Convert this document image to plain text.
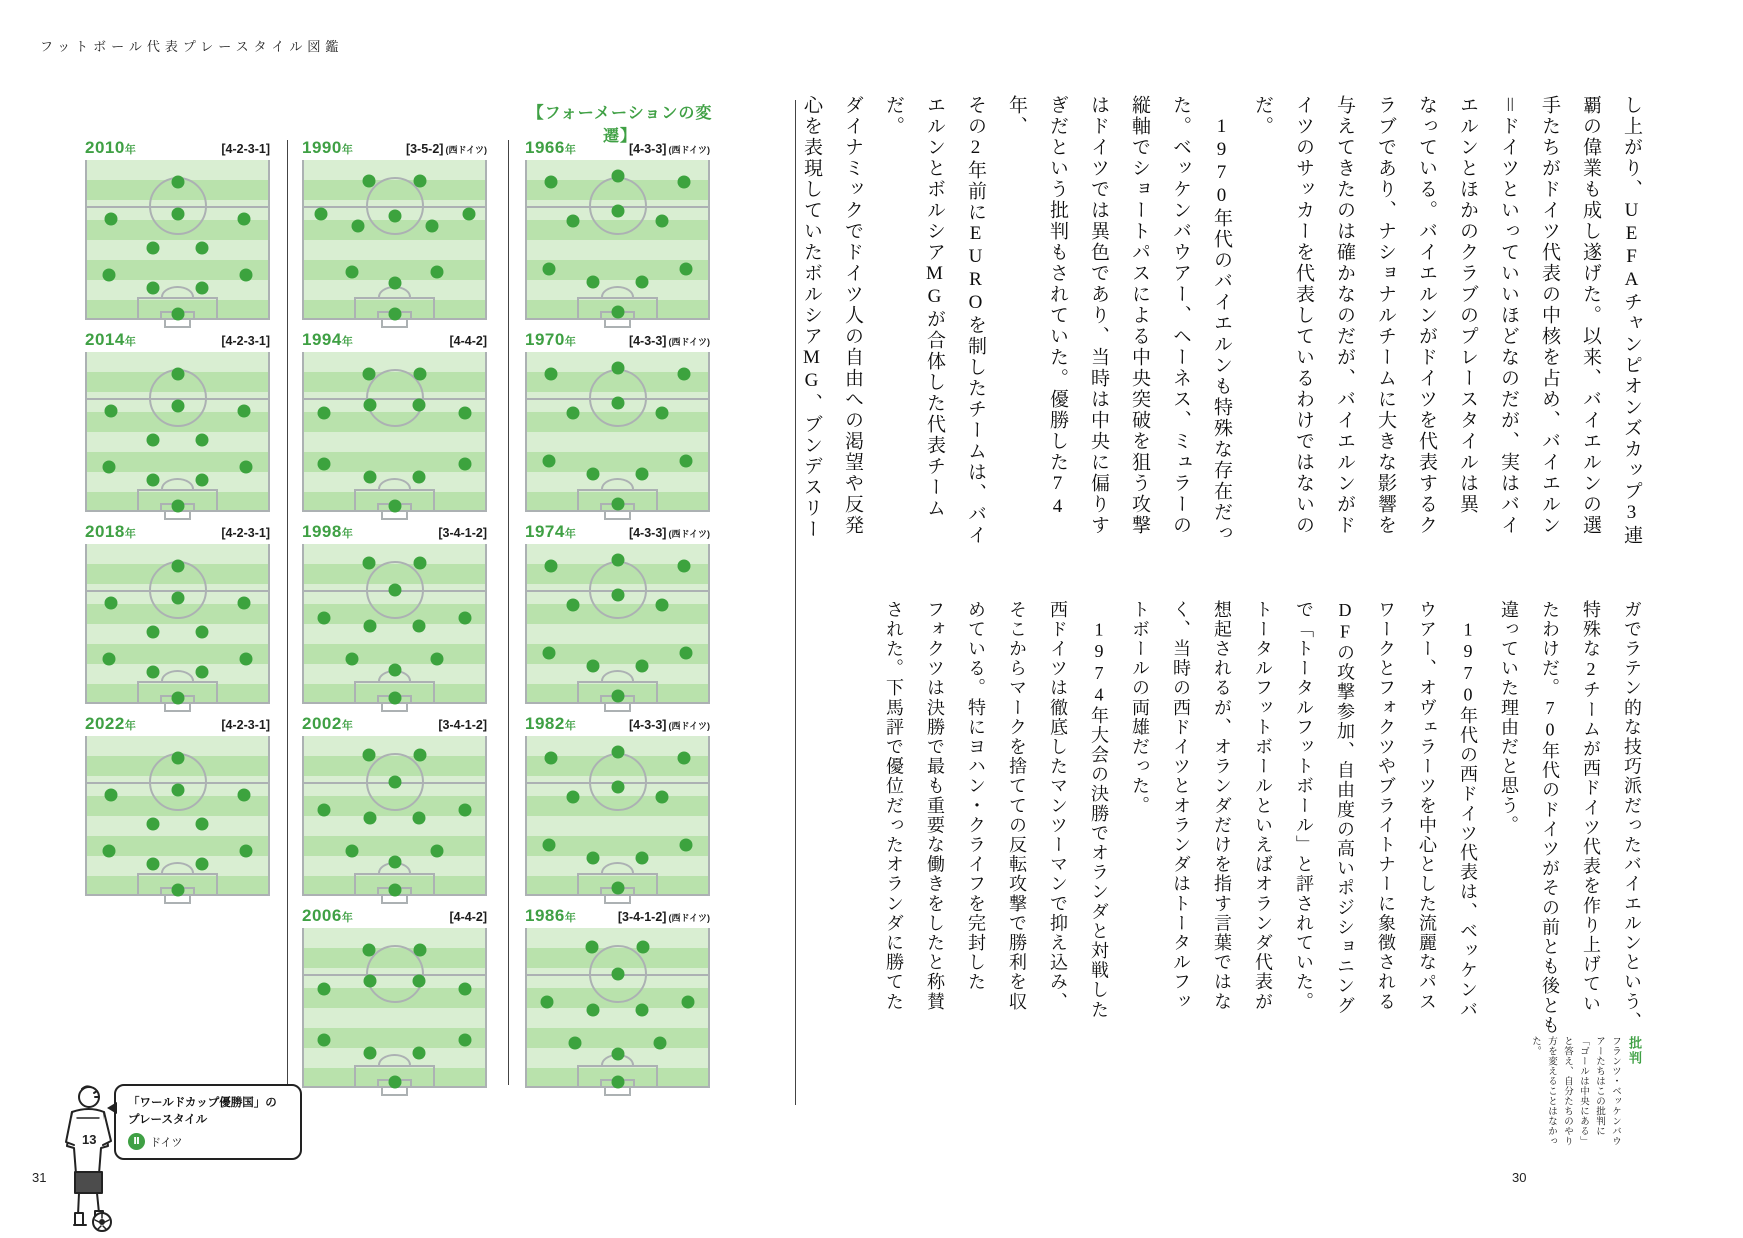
フットボール代表プレースタイル図鑑
【フォーメーションの変遷】
2010年	[4-2-3-1]
2014年	[4-2-3-1]
2018年	[4-2-3-1]
2022年	[4-2-3-1]
1990年	[3-5-2] (西ドイツ)
1994年	[4-4-2]
1998年	[3-4-1-2]
2002年	[3-4-1-2]
2006年	[4-4-2]
1966年	[4-3-3] (西ドイツ)
1970年	[4-3-3] (西ドイツ)
1974年	[4-3-3] (西ドイツ)
1982年	[4-3-3] (西ドイツ)
1986年	[3-4-1-2] (西ドイツ)
13
「ワールドカップ優勝国」の
プレースタイル
Ⅱ ドイツ

し上がり、UEFAチャンピオンズカップ3連

覇の偉業も成し遂げた。以来、バイエルンの選

手たちがドイツ代表の中核を占め、バイエルン

＝ドイツといっていいほどなのだが、実はバイ

エルンとほかのクラブのプレースタイルは異

なっている。バイエルンがドイツを代表するク

ラブであり、ナショナルチームに大きな影響を

与えてきたのは確かなのだが、バイエルンがド

イツのサッカーを代表しているわけではないの

だ。

　1970年代のバイエルンも特殊な存在だっ

た。ベッケンバウアー、ヘーネス、ミュラーの

縦軸でショートパスによる中央突破を狙う攻撃

はドイツでは異色であり、当時は中央に偏りす

ぎだという批判もされていた。優勝した74年、

その2年前にEUROを制したチームは、バイ

エルンとボルシアMGが合体した代表チームだ。

ダイナミックでドイツ人の自由への渇望や反発

心を表現していたボルシアMG、ブンデスリー

ガでラテン的な技巧派だったバイエルンという、

特殊な2チームが西ドイツ代表を作り上げてい

たわけだ。70年代のドイツがその前とも後とも

違っていた理由だと思う。

　1970年代の西ドイツ代表は、ベッケンバ

ウアー、オヴェラーツを中心とした流麗なパス

ワークとフォクツやブライトナーに象徴される

DFの攻撃参加、自由度の高いポジショニング

で「トータルフットボール」と評されていた。

トータルフットボールといえばオランダ代表が

想起されるが、オランダだけを指す言葉ではな

く、当時の西ドイツとオランダはトータルフッ

トボールの両雄だった。

　1974年大会の決勝でオランダと対戦した

西ドイツは徹底したマンツーマンで抑え込み、

そこからマークを捨てての反転攻撃で勝利を収

めている。特にヨハン・クライフを完封した

フォクツは決勝で最も重要な働きをしたと称賛

された。下馬評で優位だったオランダに勝てた

批判

フランツ・ベッケンバウアーたちはこの批判に「ゴールは中央にある」と答え、自分たちのやり方を変えることはなかった。

31	30
